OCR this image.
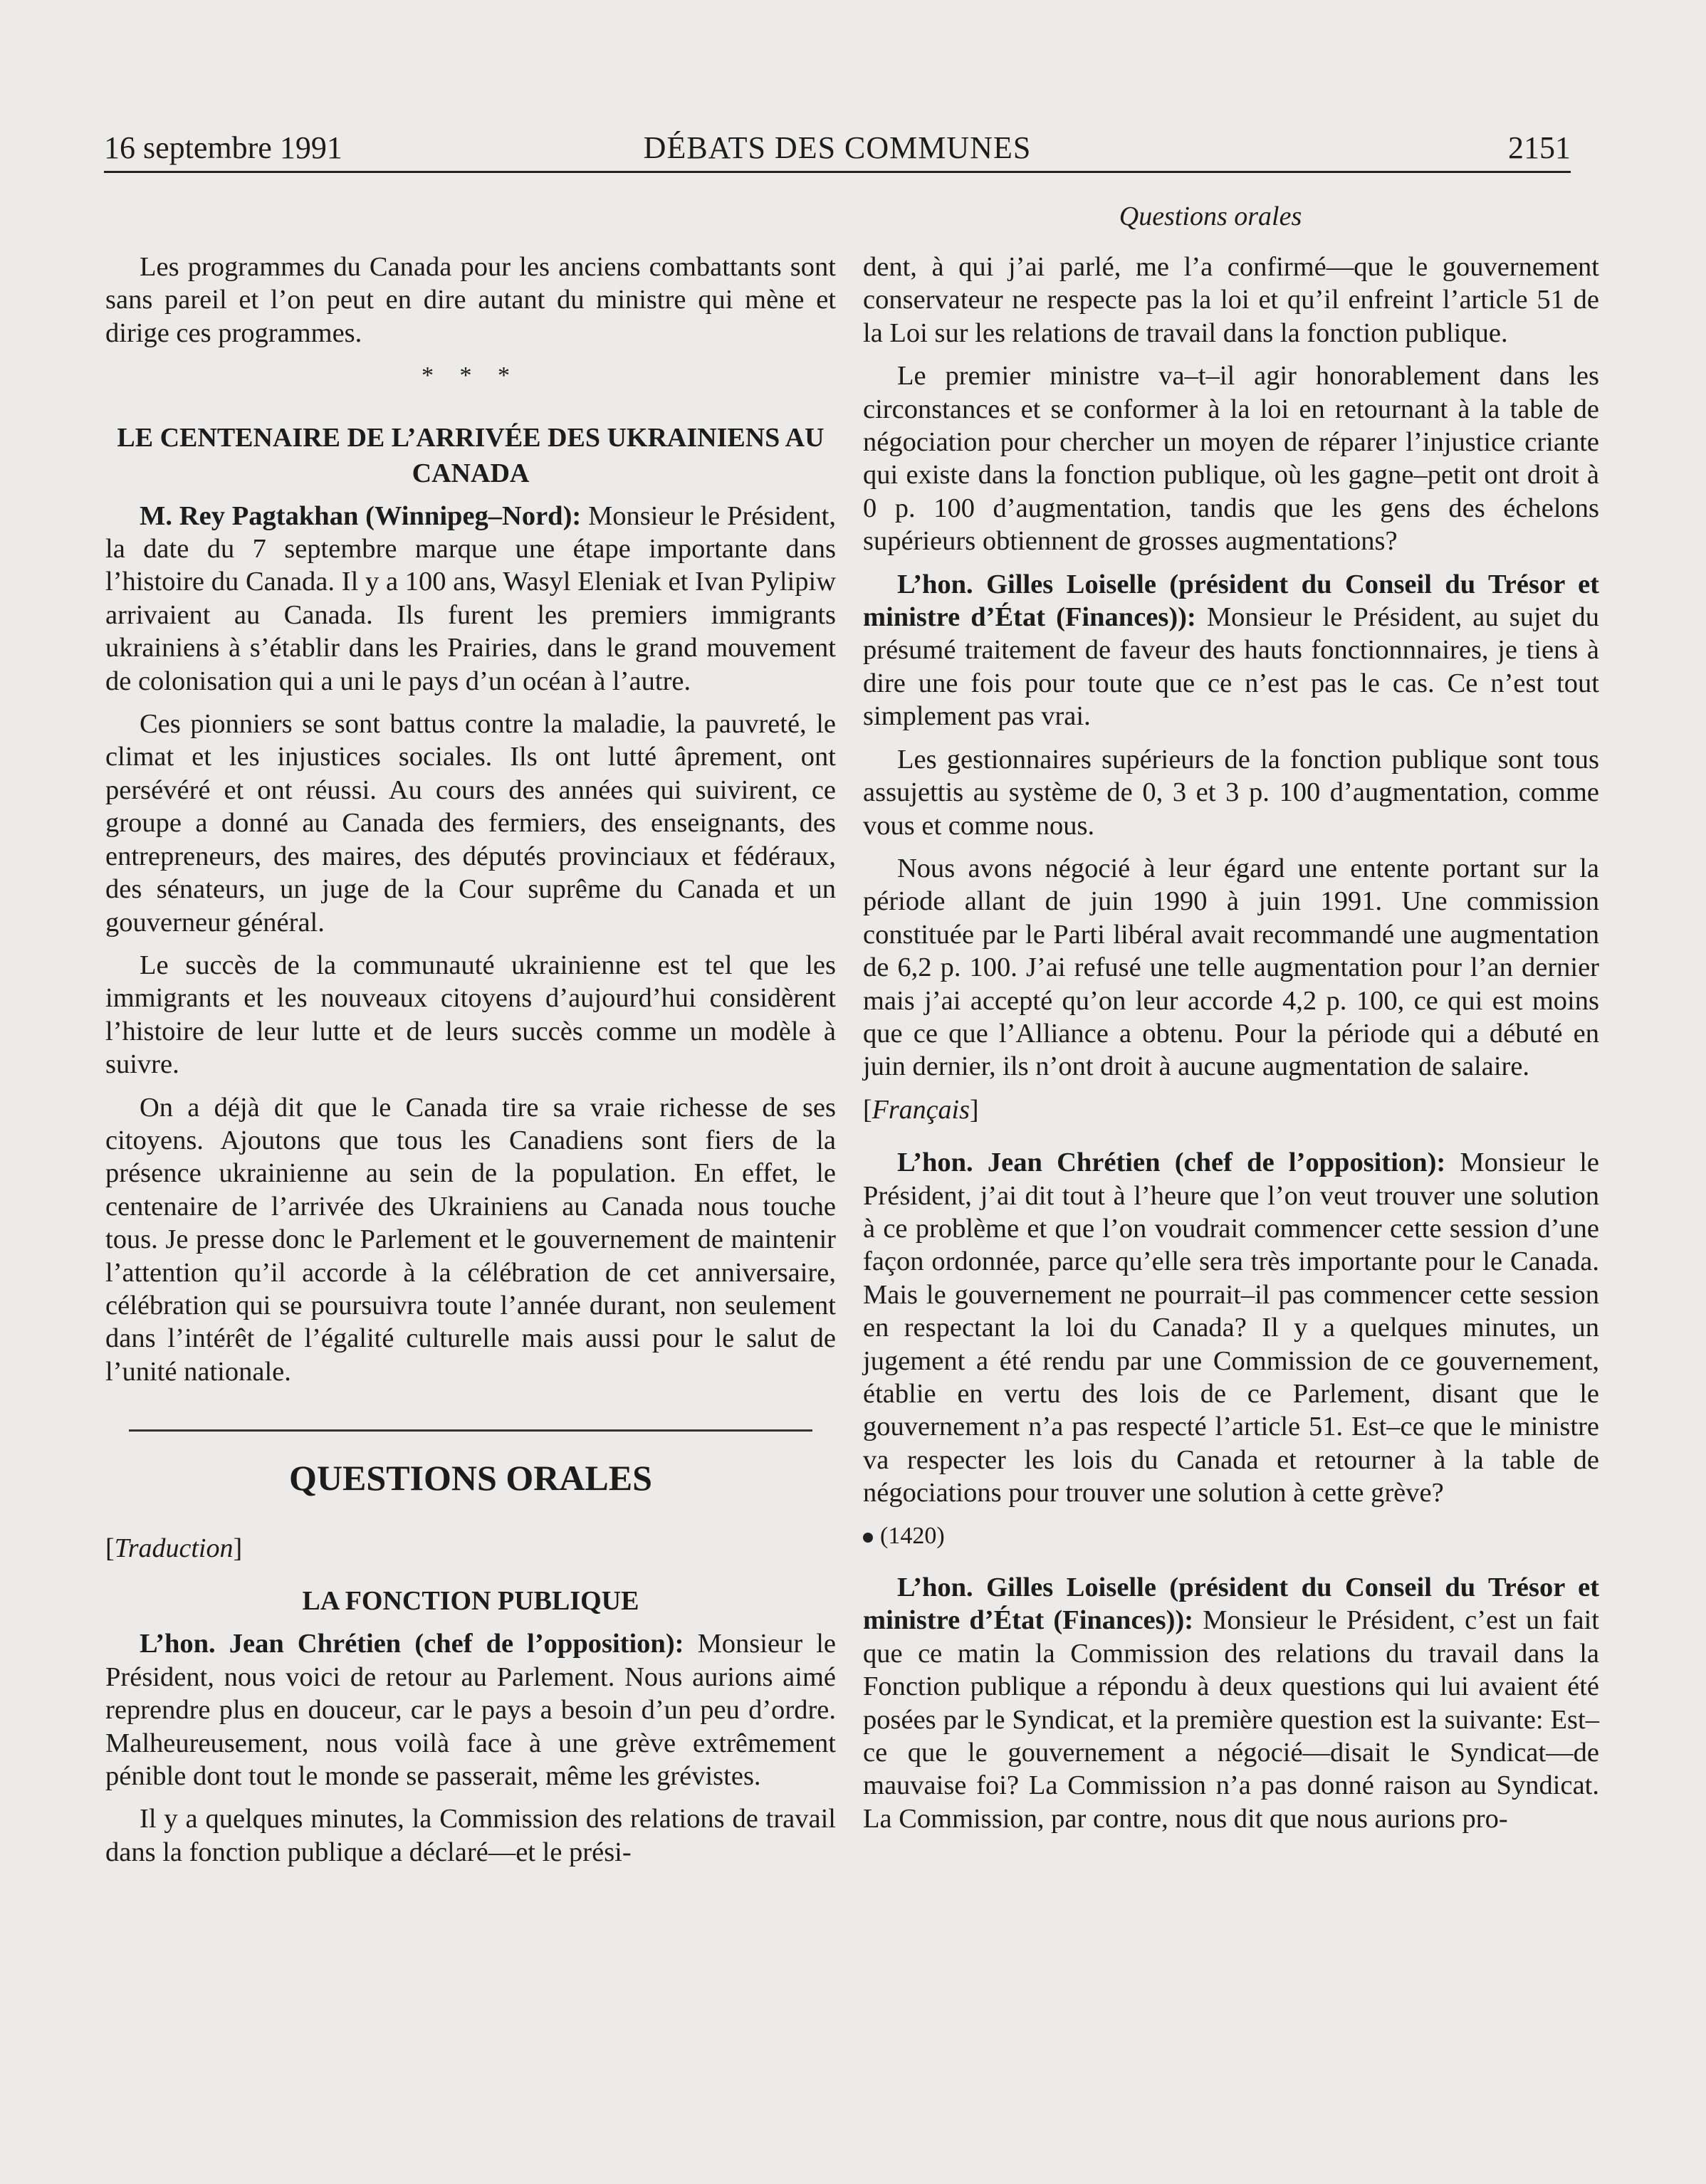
16 septembre 1991	DÉBATS DES COMMUNES	2151
Questions orales

Les programmes du Canada pour les anciens combattants sont sans pareil et l’on peut en dire autant du ministre qui mène et dirige ces programmes.

* * *
LE CENTENAIRE DE L’ARRIVÉE DES UKRAINIENS AU CANADA

M. Rey Pagtakhan (Winnipeg–Nord): Monsieur le Président, la date du 7 septembre marque une étape importante dans l’histoire du Canada. Il y a 100 ans, Wasyl Eleniak et Ivan Pylipiw arrivaient au Canada. Ils furent les premiers immigrants ukrainiens à s’établir dans les Prairies, dans le grand mouvement de colonisation qui a uni le pays d’un océan à l’autre.

Ces pionniers se sont battus contre la maladie, la pauvreté, le climat et les injustices sociales. Ils ont lutté âprement, ont persévéré et ont réussi. Au cours des années qui suivirent, ce groupe a donné au Canada des fermiers, des enseignants, des entrepreneurs, des maires, des députés provinciaux et fédéraux, des sénateurs, un juge de la Cour suprême du Canada et un gouverneur général.

Le succès de la communauté ukrainienne est tel que les immigrants et les nouveaux citoyens d’aujourd’hui considèrent l’histoire de leur lutte et de leurs succès comme un modèle à suivre.

On a déjà dit que le Canada tire sa vraie richesse de ses citoyens. Ajoutons que tous les Canadiens sont fiers de la présence ukrainienne au sein de la population. En effet, le centenaire de l’arrivée des Ukrainiens au Canada nous touche tous. Je presse donc le Parlement et le gouvernement de maintenir l’attention qu’il accorde à la célébration de cet anniversaire, célébration qui se poursuivra toute l’année durant, non seulement dans l’intérêt de l’égalité culturelle mais aussi pour le salut de l’unité nationale.

QUESTIONS ORALES
[Traduction]
LA FONCTION PUBLIQUE

L’hon. Jean Chrétien (chef de l’opposition): Monsieur le Président, nous voici de retour au Parlement. Nous aurions aimé reprendre plus en douceur, car le pays a besoin d’un peu d’ordre. Malheureusement, nous voilà face à une grève extrêmement pénible dont tout le monde se passerait, même les grévistes.

Il y a quelques minutes, la Commission des relations de travail dans la fonction publique a déclaré—et le prési-

dent, à qui j’ai parlé, me l’a confirmé—que le gouvernement conservateur ne respecte pas la loi et qu’il enfreint l’article 51 de la Loi sur les relations de travail dans la fonction publique.

Le premier ministre va–t–il agir honorablement dans les circonstances et se conformer à la loi en retournant à la table de négociation pour chercher un moyen de réparer l’injustice criante qui existe dans la fonction publique, où les gagne–petit ont droit à 0 p. 100 d’augmentation, tandis que les gens des échelons supérieurs obtiennent de grosses augmentations?

L’hon. Gilles Loiselle (président du Conseil du Trésor et ministre d’État (Finances)): Monsieur le Président, au sujet du présumé traitement de faveur des hauts fonctionnnaires, je tiens à dire une fois pour toute que ce n’est pas le cas. Ce n’est tout simplement pas vrai.

Les gestionnaires supérieurs de la fonction publique sont tous assujettis au système de 0, 3 et 3 p. 100 d’augmentation, comme vous et comme nous.

Nous avons négocié à leur égard une entente portant sur la période allant de juin 1990 à juin 1991. Une commission constituée par le Parti libéral avait recommandé une augmentation de 6,2 p. 100. J’ai refusé une telle augmentation pour l’an dernier mais j’ai accepté qu’on leur accorde 4,2 p. 100, ce qui est moins que ce que l’Alliance a obtenu. Pour la période qui a débuté en juin dernier, ils n’ont droit à aucune augmentation de salaire.

[Français]

L’hon. Jean Chrétien (chef de l’opposition): Monsieur le Président, j’ai dit tout à l’heure que l’on veut trouver une solution à ce problème et que l’on voudrait commencer cette session d’une façon ordonnée, parce qu’elle sera très importante pour le Canada. Mais le gouvernement ne pourrait–il pas commencer cette session en respectant la loi du Canada? Il y a quelques minutes, un jugement a été rendu par une Commission de ce gouvernement, établie en vertu des lois de ce Parlement, disant que le gouvernement n’a pas respecté l’article 51. Est–ce que le ministre va respecter les lois du Canada et retourner à la table de négociations pour trouver une solution à cette grève?

(1420)

L’hon. Gilles Loiselle (président du Conseil du Trésor et ministre d’État (Finances)): Monsieur le Président, c’est un fait que ce matin la Commission des relations du travail dans la Fonction publique a répondu à deux questions qui lui avaient été posées par le Syndicat, et la première question est la suivante: Est–ce que le gouvernement a négocié—disait le Syndicat—de mauvaise foi? La Commission n’a pas donné raison au Syndicat. La Commission, par contre, nous dit que nous aurions pro-
